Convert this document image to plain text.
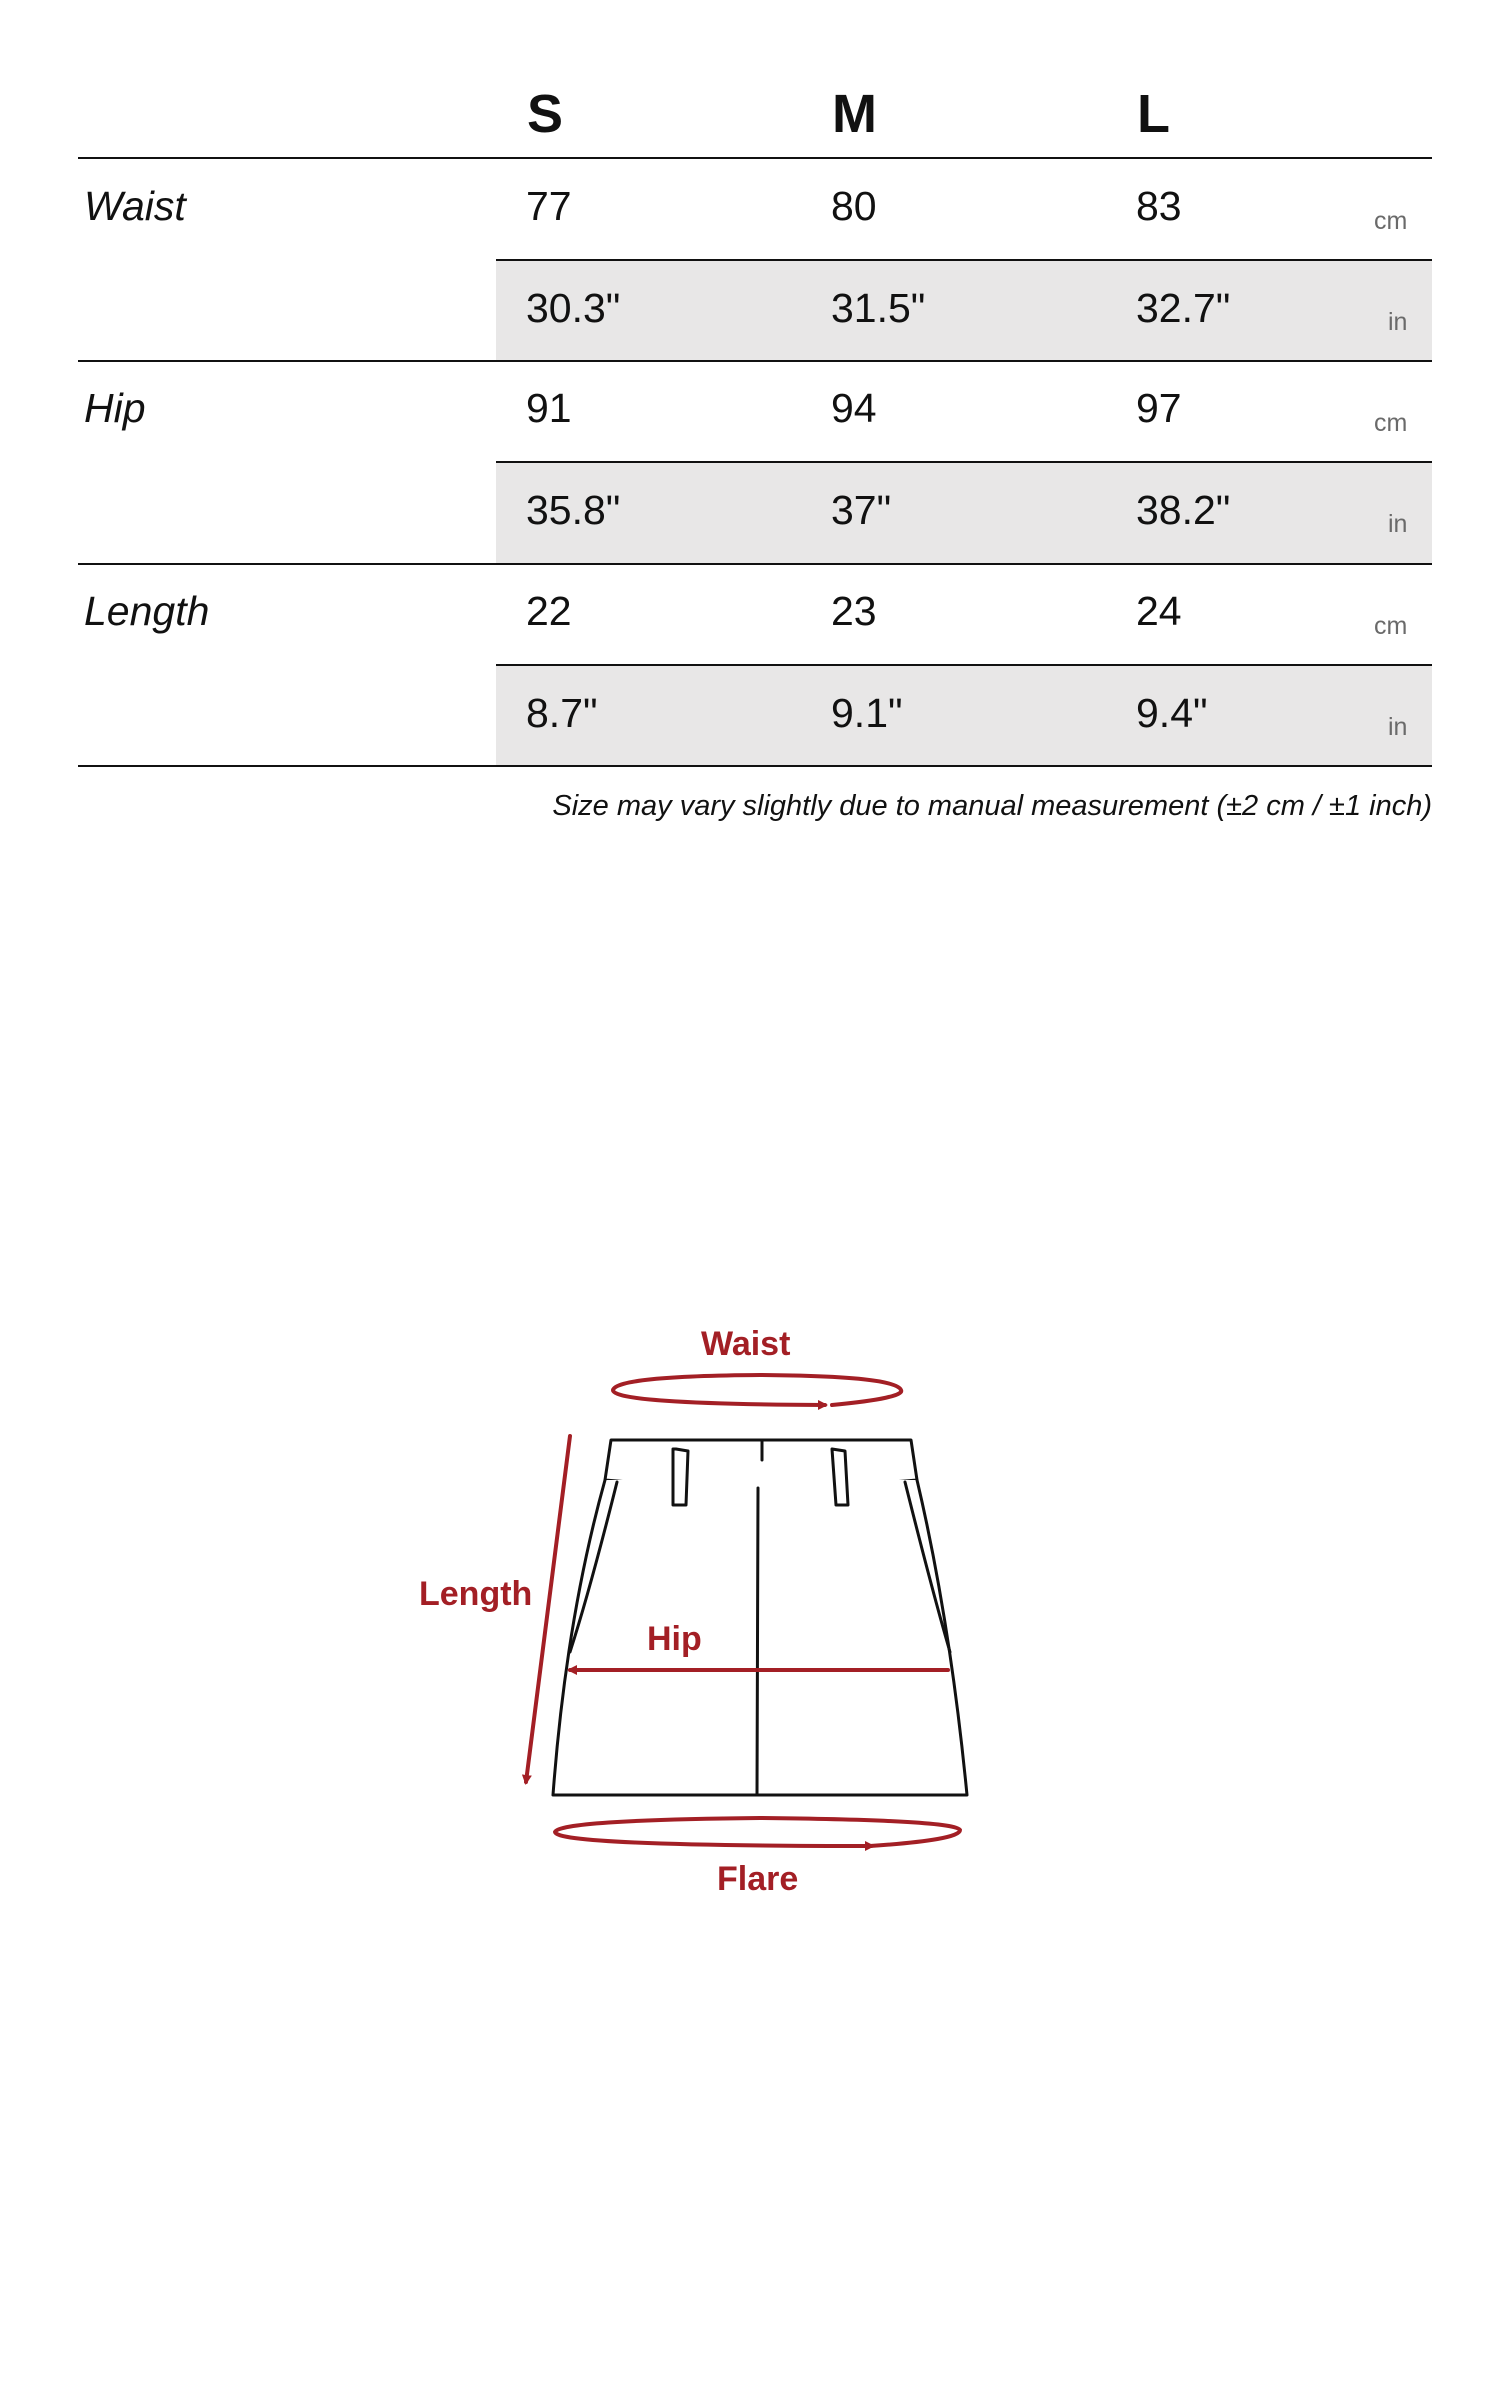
S	M	L
Waist	77	80	83	cm
30.3"	31.5"	32.7"	in
Hip	91	94	97	cm
35.8"	37"	38.2"	in
Length	22	23	24	cm
8.7"	9.1"	9.4"	in
Size may vary slightly due to manual measurement (±2 cm / ±1 inch)
Waist
Length
Hip
Flare
